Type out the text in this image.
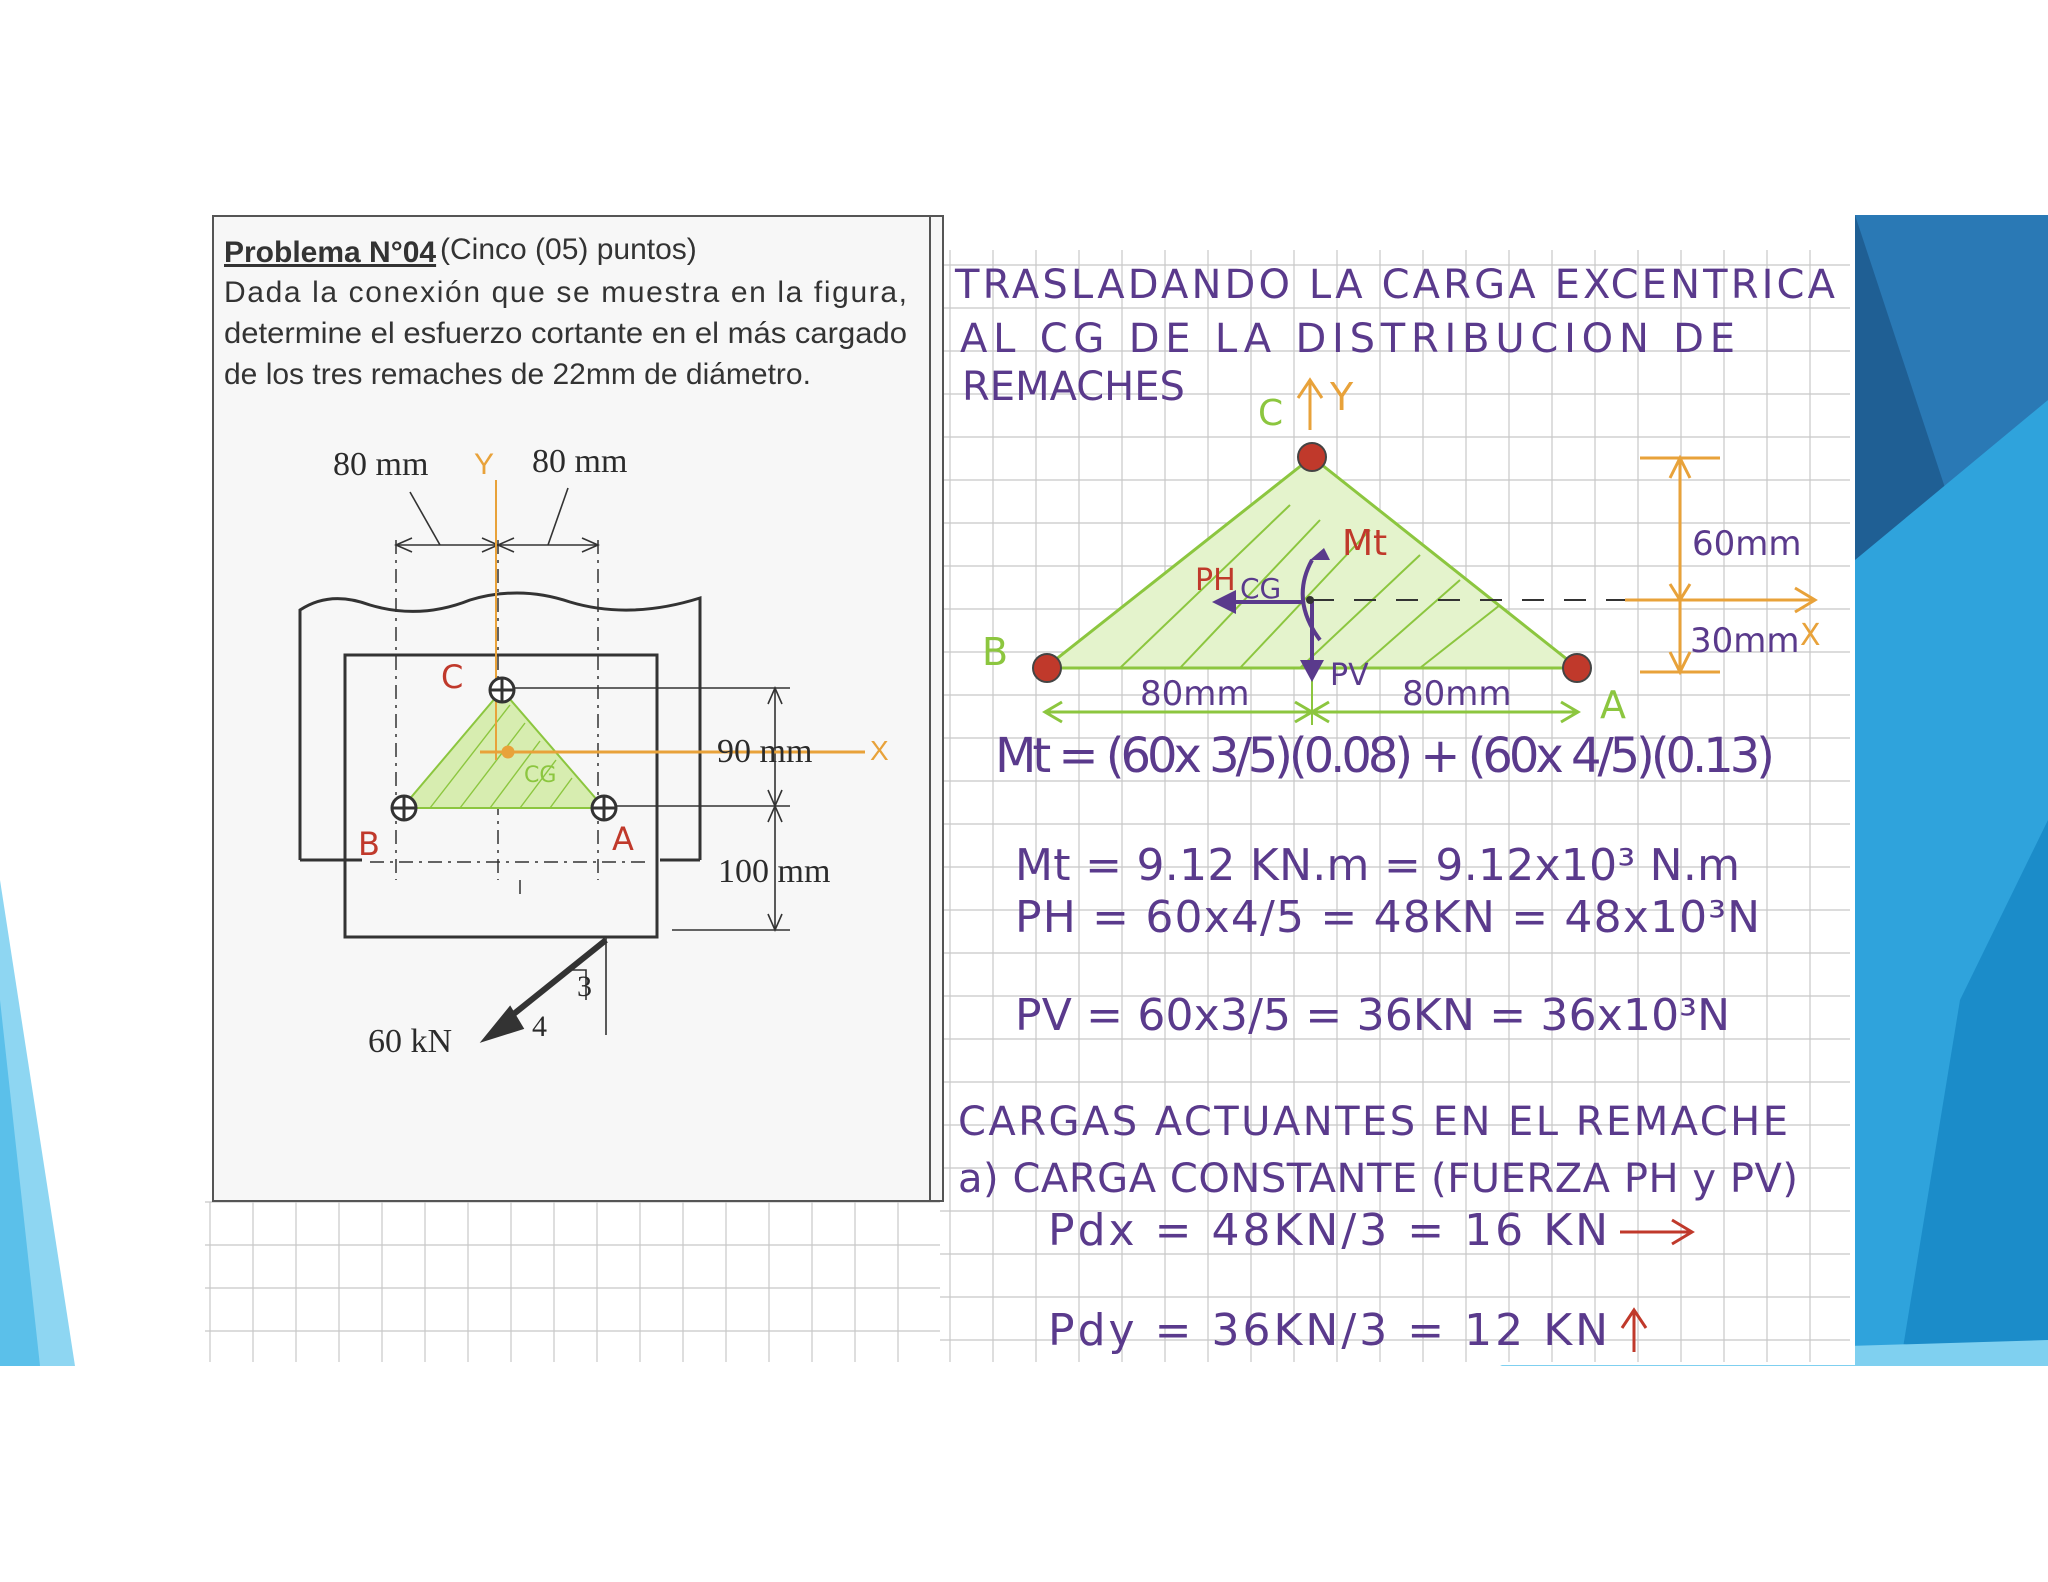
Problema N°04 (Cinco (05) puntos)
Dada la conexión que se muestra en la figura,
determine el esfuerzo cortante en el más cargado
de los tres remaches de 22mm de diámetro.
80 mm	80 mm
Y
90 mm X
100 mm
60 kN
3
4
C
B	A
CG
TRASLADANDO LA CARGA EXCENTRICA
AL CG DE LA DISTRIBUCION DE
REMACHES
C Y
B
A
X
Mt
PH CG
PV
60mm
30mm
80mm	80mm
Mt = (60x 3/5)(0.08) + (60x 4/5)(0.13)
Mt = 9.12 KN.m = 9.12x10³ N.m
PH = 60x4/5 = 48KN = 48x10³N
PV = 60x3/5 = 36KN = 36x10³N
CARGAS ACTUANTES EN EL REMACHE
a) CARGA CONSTANTE (FUERZA PH y PV)
Pdx = 48KN/3 = 16 KN
Pdy = 36KN/3 = 12 KN
